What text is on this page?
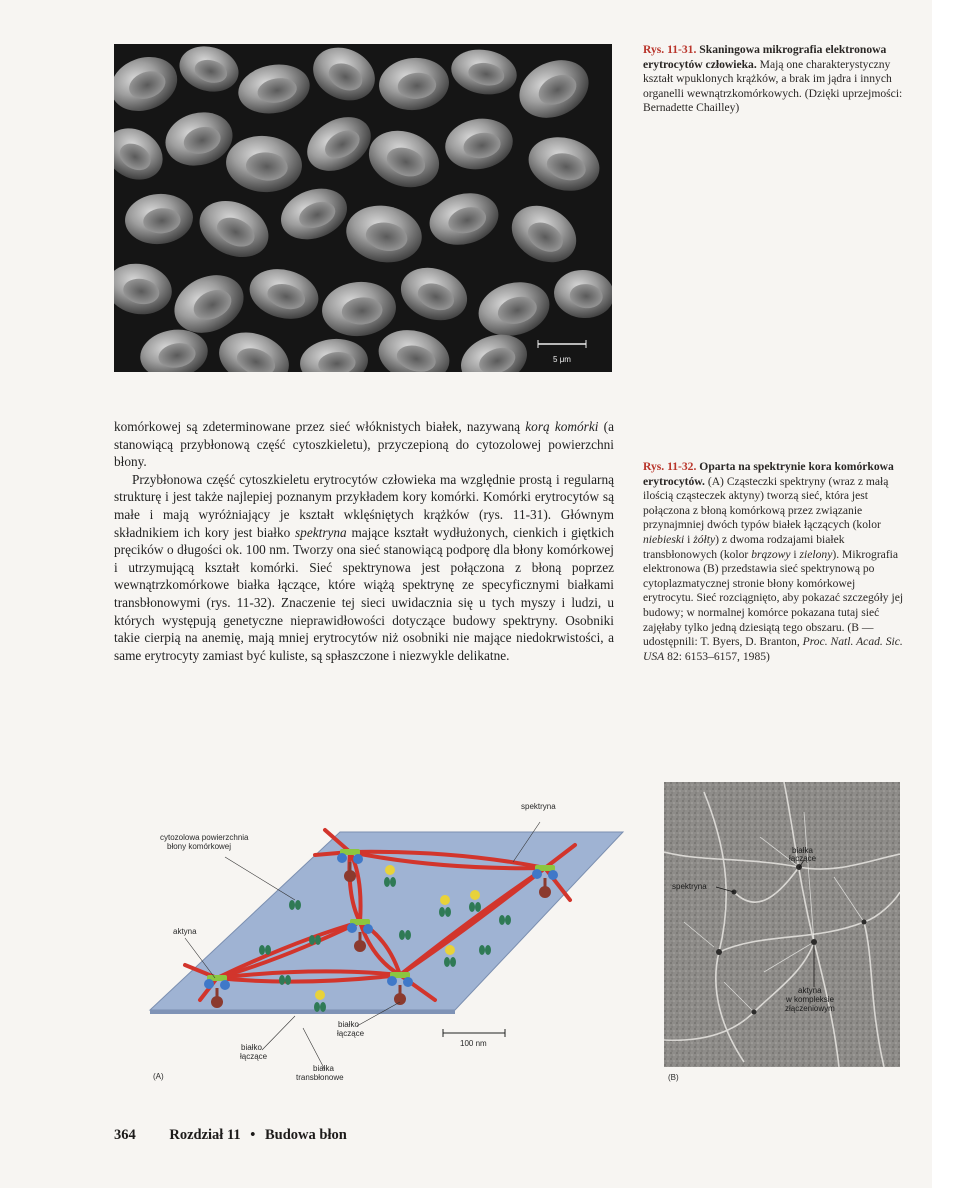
5 μm
Rys. 11-31. Skaningowa mikrografia elektronowa erytrocytów człowieka. Mają one charakterystyczny kształt wpuklonych krążków, a brak im jądra i innych organelli wewnątrzkomórkowych. (Dzięki uprzejmości: Bernadette Chailley)

komórkowej są zdeterminowane przez sieć włóknistych białek, nazywaną korą komórki (a stanowiącą przybłonową część cytoszkieletu), przyczepioną do cytozolowej powierzchni błony.

Przybłonowa część cytoszkieletu erytrocytów człowieka ma względnie prostą i regularną strukturę i jest także najlepiej poznanym przykładem kory komórki. Komórki erytrocytów są małe i mają wyróżniający je kształt wklęśniętych krążków (rys. 11-31). Głównym składnikiem ich kory jest białko spektryna mające kształt wydłużonych, cienkich i giętkich pręcików o długości ok. 100 nm. Tworzy ona sieć stanowiącą podporę dla błony komórkowej i utrzymującą kształt komórki. Sieć spektrynowa jest połączona z błoną poprzez wewnątrzkomórkowe białka łączące, które wiążą spektrynę ze specyficznymi białkami transbłonowymi (rys. 11-32). Znaczenie tej sieci uwidacznia się u tych myszy i ludzi, u których występują genetyczne nieprawidłowości dotyczące budowy spektryny. Osobniki takie cierpią na anemię, mają mniej erytrocytów niż osobniki nie mające niedokrwistości, a same erytrocyty zamiast być kuliste, są spłaszczone i niezwykle delikatne.

Rys. 11-32. Oparta na spektrynie kora komórkowa erytrocytów. (A) Cząsteczki spektryny (wraz z małą ilością cząsteczek aktyny) tworzą sieć, która jest połączona z błoną komórkową przez związanie przynajmniej dwóch typów białek łączących (kolor niebieski i żółty) z dwoma rodzajami białek transbłonowych (kolor brązowy i zielony). Mikrografia elektronowa (B) przedstawia sieć spektrynową po cytoplazmatycznej stronie błony komórkowej erytrocytu. Sieć rozciągnięto, aby pokazać szczegóły jej budowy; w normalnej komórce pokazana tutaj sieć zajęłaby tylko jedną dziesiątą tego obszaru. (B — udostępnili: T. Byers, D. Branton, Proc. Natl. Acad. Sic. USA 82: 6153–6157, 1985)
spektryna
cytozolowa powierzchnia
błony komórkowej
aktyna
białko
łączące
białko
łączące
białka
transbłonowe
100 nm
(A)
spektryna
białka
łączące
aktyna
w kompleksie
złączeniowym
(B)
364 Rozdział 11 • Budowa błon
